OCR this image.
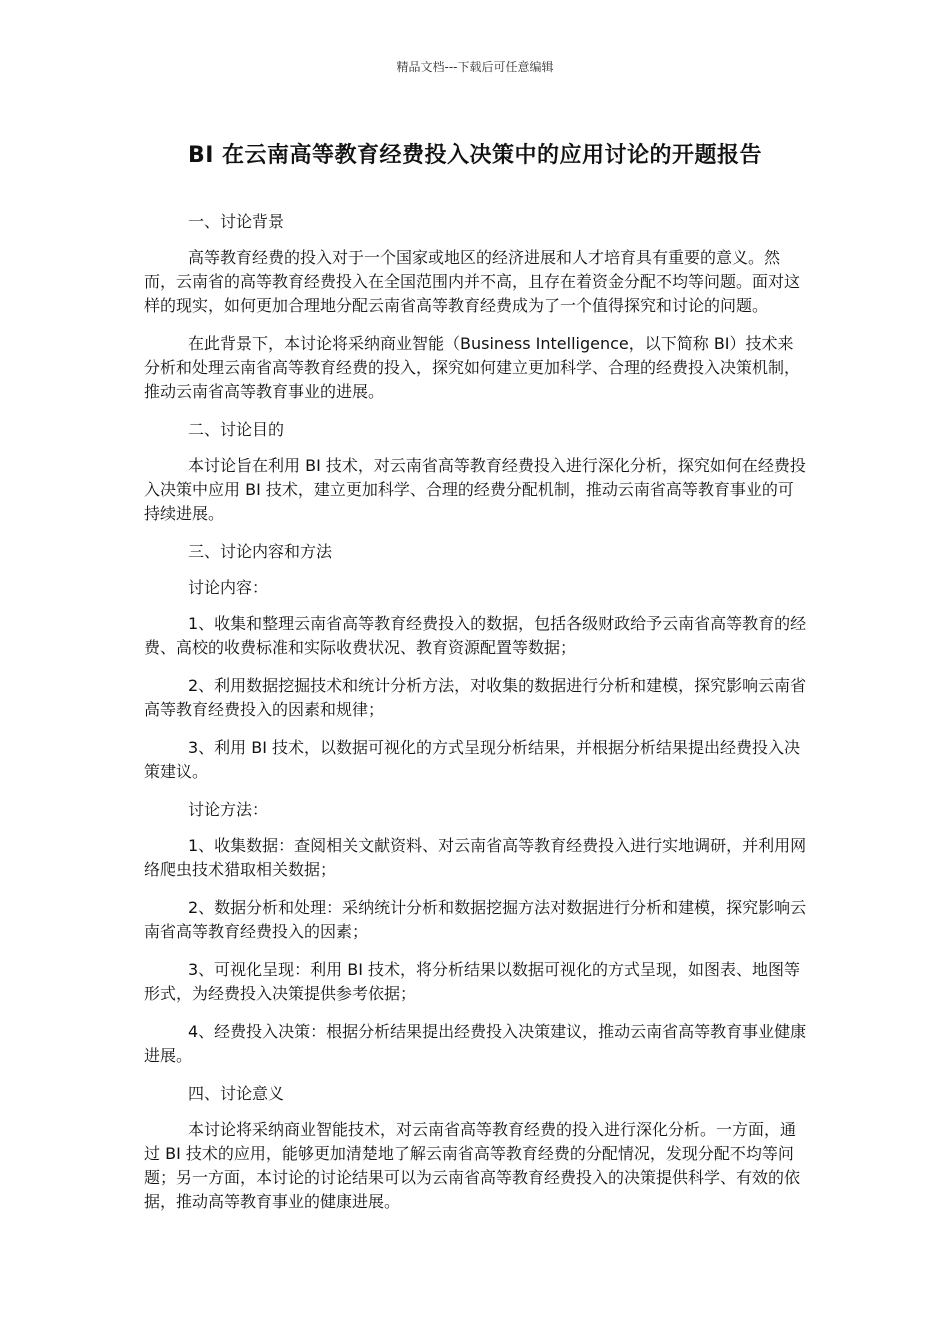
精品文档---下载后可任意编辑
BI 在云南高等教育经费投入决策中的应用讨论的开题报告

一、讨论背景

高等教育经费的投入对于一个国家或地区的经济进展和人才培育具有重要的意义。然而，云南省的高等教育经费投入在全国范围内并不高，且存在着资金分配不均等问题。面对这样的现实，如何更加合理地分配云南省高等教育经费成为了一个值得探究和讨论的问题。

在此背景下，本讨论将采纳商业智能（Business Intelligence，以下简称 BI）技术来分析和处理云南省高等教育经费的投入，探究如何建立更加科学、合理的经费投入决策机制，推动云南省高等教育事业的进展。

二、讨论目的

本讨论旨在利用 BI 技术，对云南省高等教育经费投入进行深化分析，探究如何在经费投入决策中应用 BI 技术，建立更加科学、合理的经费分配机制，推动云南省高等教育事业的可持续进展。

三、讨论内容和方法

讨论内容：

1、收集和整理云南省高等教育经费投入的数据，包括各级财政给予云南省高等教育的经费、高校的收费标准和实际收费状况、教育资源配置等数据；

2、利用数据挖掘技术和统计分析方法，对收集的数据进行分析和建模，探究影响云南省高等教育经费投入的因素和规律；

3、利用 BI 技术，以数据可视化的方式呈现分析结果，并根据分析结果提出经费投入决策建议。

讨论方法：

1、收集数据：查阅相关文献资料、对云南省高等教育经费投入进行实地调研，并利用网络爬虫技术猎取相关数据；

2、数据分析和处理：采纳统计分析和数据挖掘方法对数据进行分析和建模，探究影响云南省高等教育经费投入的因素；

3、可视化呈现：利用 BI 技术，将分析结果以数据可视化的方式呈现，如图表、地图等形式，为经费投入决策提供参考依据；

4、经费投入决策：根据分析结果提出经费投入决策建议，推动云南省高等教育事业健康进展。

四、讨论意义

本讨论将采纳商业智能技术，对云南省高等教育经费的投入进行深化分析。一方面，通过 BI 技术的应用，能够更加清楚地了解云南省高等教育经费的分配情况，发现分配不均等问题；另一方面，本讨论的讨论结果可以为云南省高等教育经费投入的决策提供科学、有效的依据，推动高等教育事业的健康进展。
